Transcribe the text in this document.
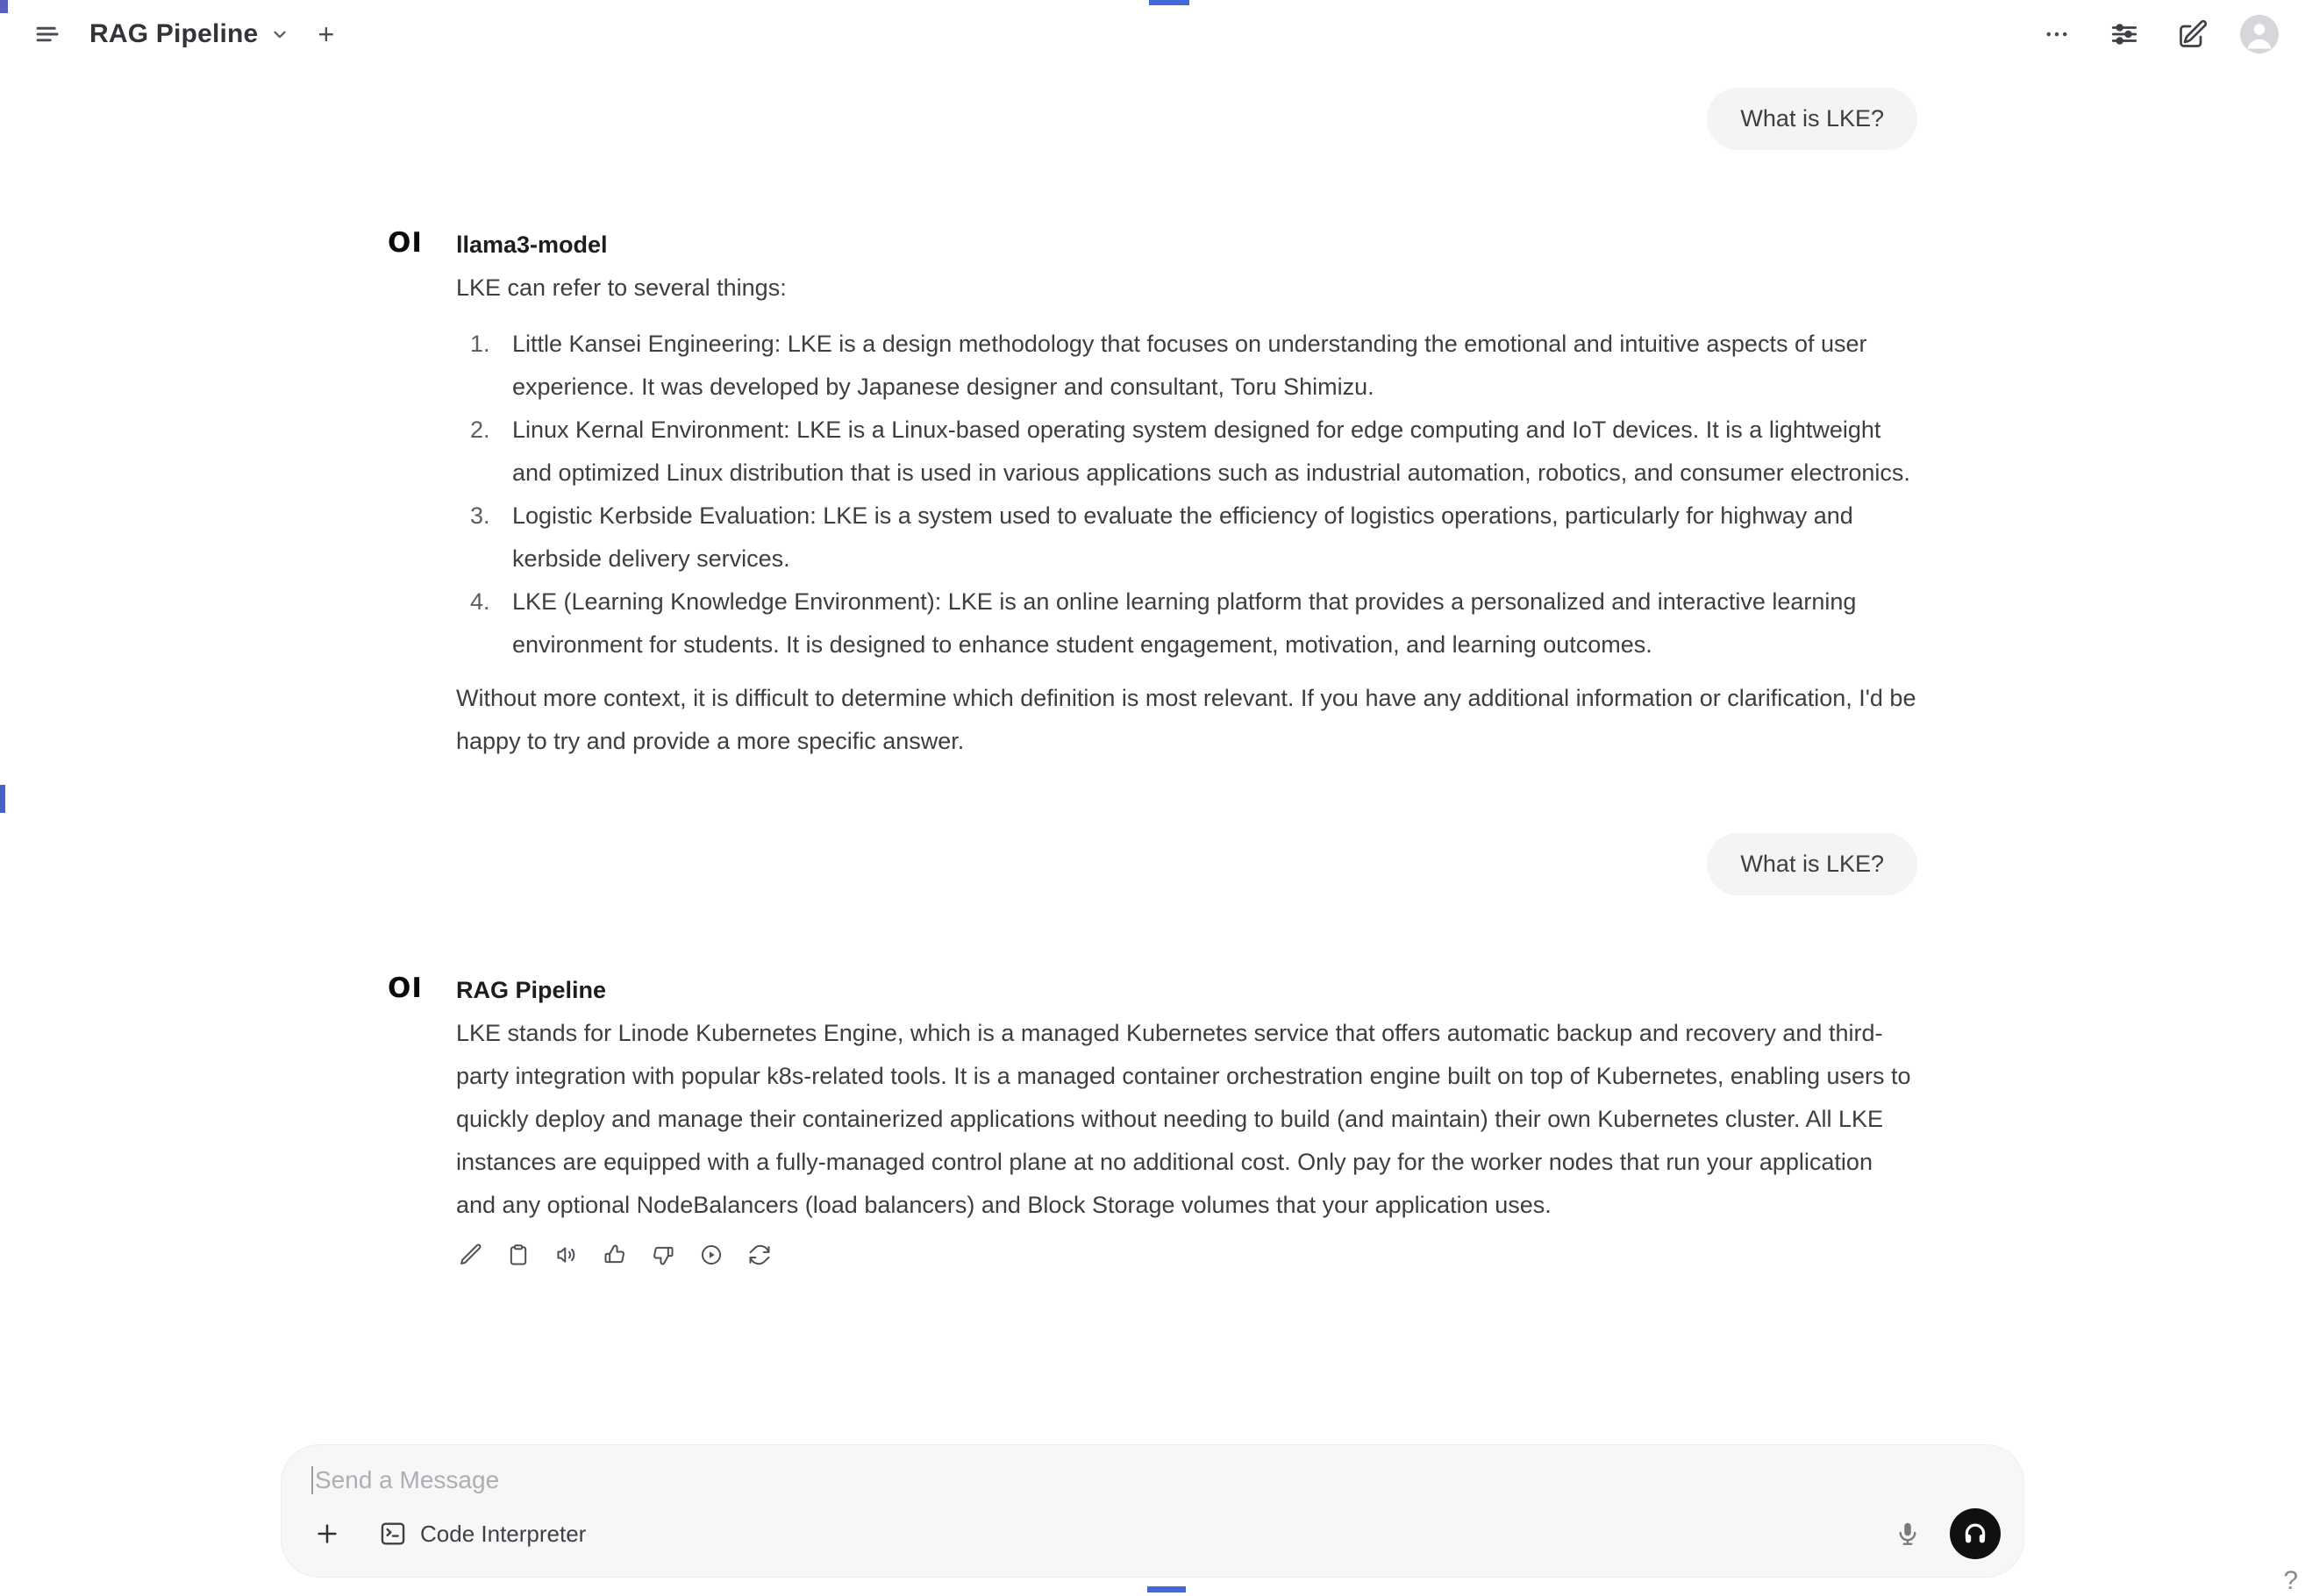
RAG Pipeline +
What is LKE?
OI	llama3-model

LKE can refer to several things:

1. Little Kansei Engineering: LKE is a design methodology that focuses on understanding the emotional and intuitive aspects of user experience. It was developed by Japanese designer and consultant, Toru Shimizu.
2. Linux Kernal Environment: LKE is a Linux-based operating system designed for edge computing and IoT devices. It is a lightweight and optimized Linux distribution that is used in various applications such as industrial automation, robotics, and consumer electronics.
3. Logistic Kerbside Evaluation: LKE is a system used to evaluate the efficiency of logistics operations, particularly for highway and kerbside delivery services.
4. LKE (Learning Knowledge Environment): LKE is an online learning platform that provides a personalized and interactive learning environment for students. It is designed to enhance student engagement, motivation, and learning outcomes.

Without more context, it is difficult to determine which definition is most relevant. If you have any additional information or clarification, I'd be happy to try and provide a more specific answer.

What is LKE?
OI	RAG Pipeline

LKE stands for Linode Kubernetes Engine, which is a managed Kubernetes service that offers automatic backup and recovery and third-party integration with popular k8s-related tools. It is a managed container orchestration engine built on top of Kubernetes, enabling users to quickly deploy and manage their containerized applications without needing to build (and maintain) their own Kubernetes cluster. All LKE instances are equipped with a fully-managed control plane at no additional cost. Only pay for the worker nodes that run your application and any optional NodeBalancers (load balancers) and Block Storage volumes that your application uses.

Send a Message
Code Interpreter
?
